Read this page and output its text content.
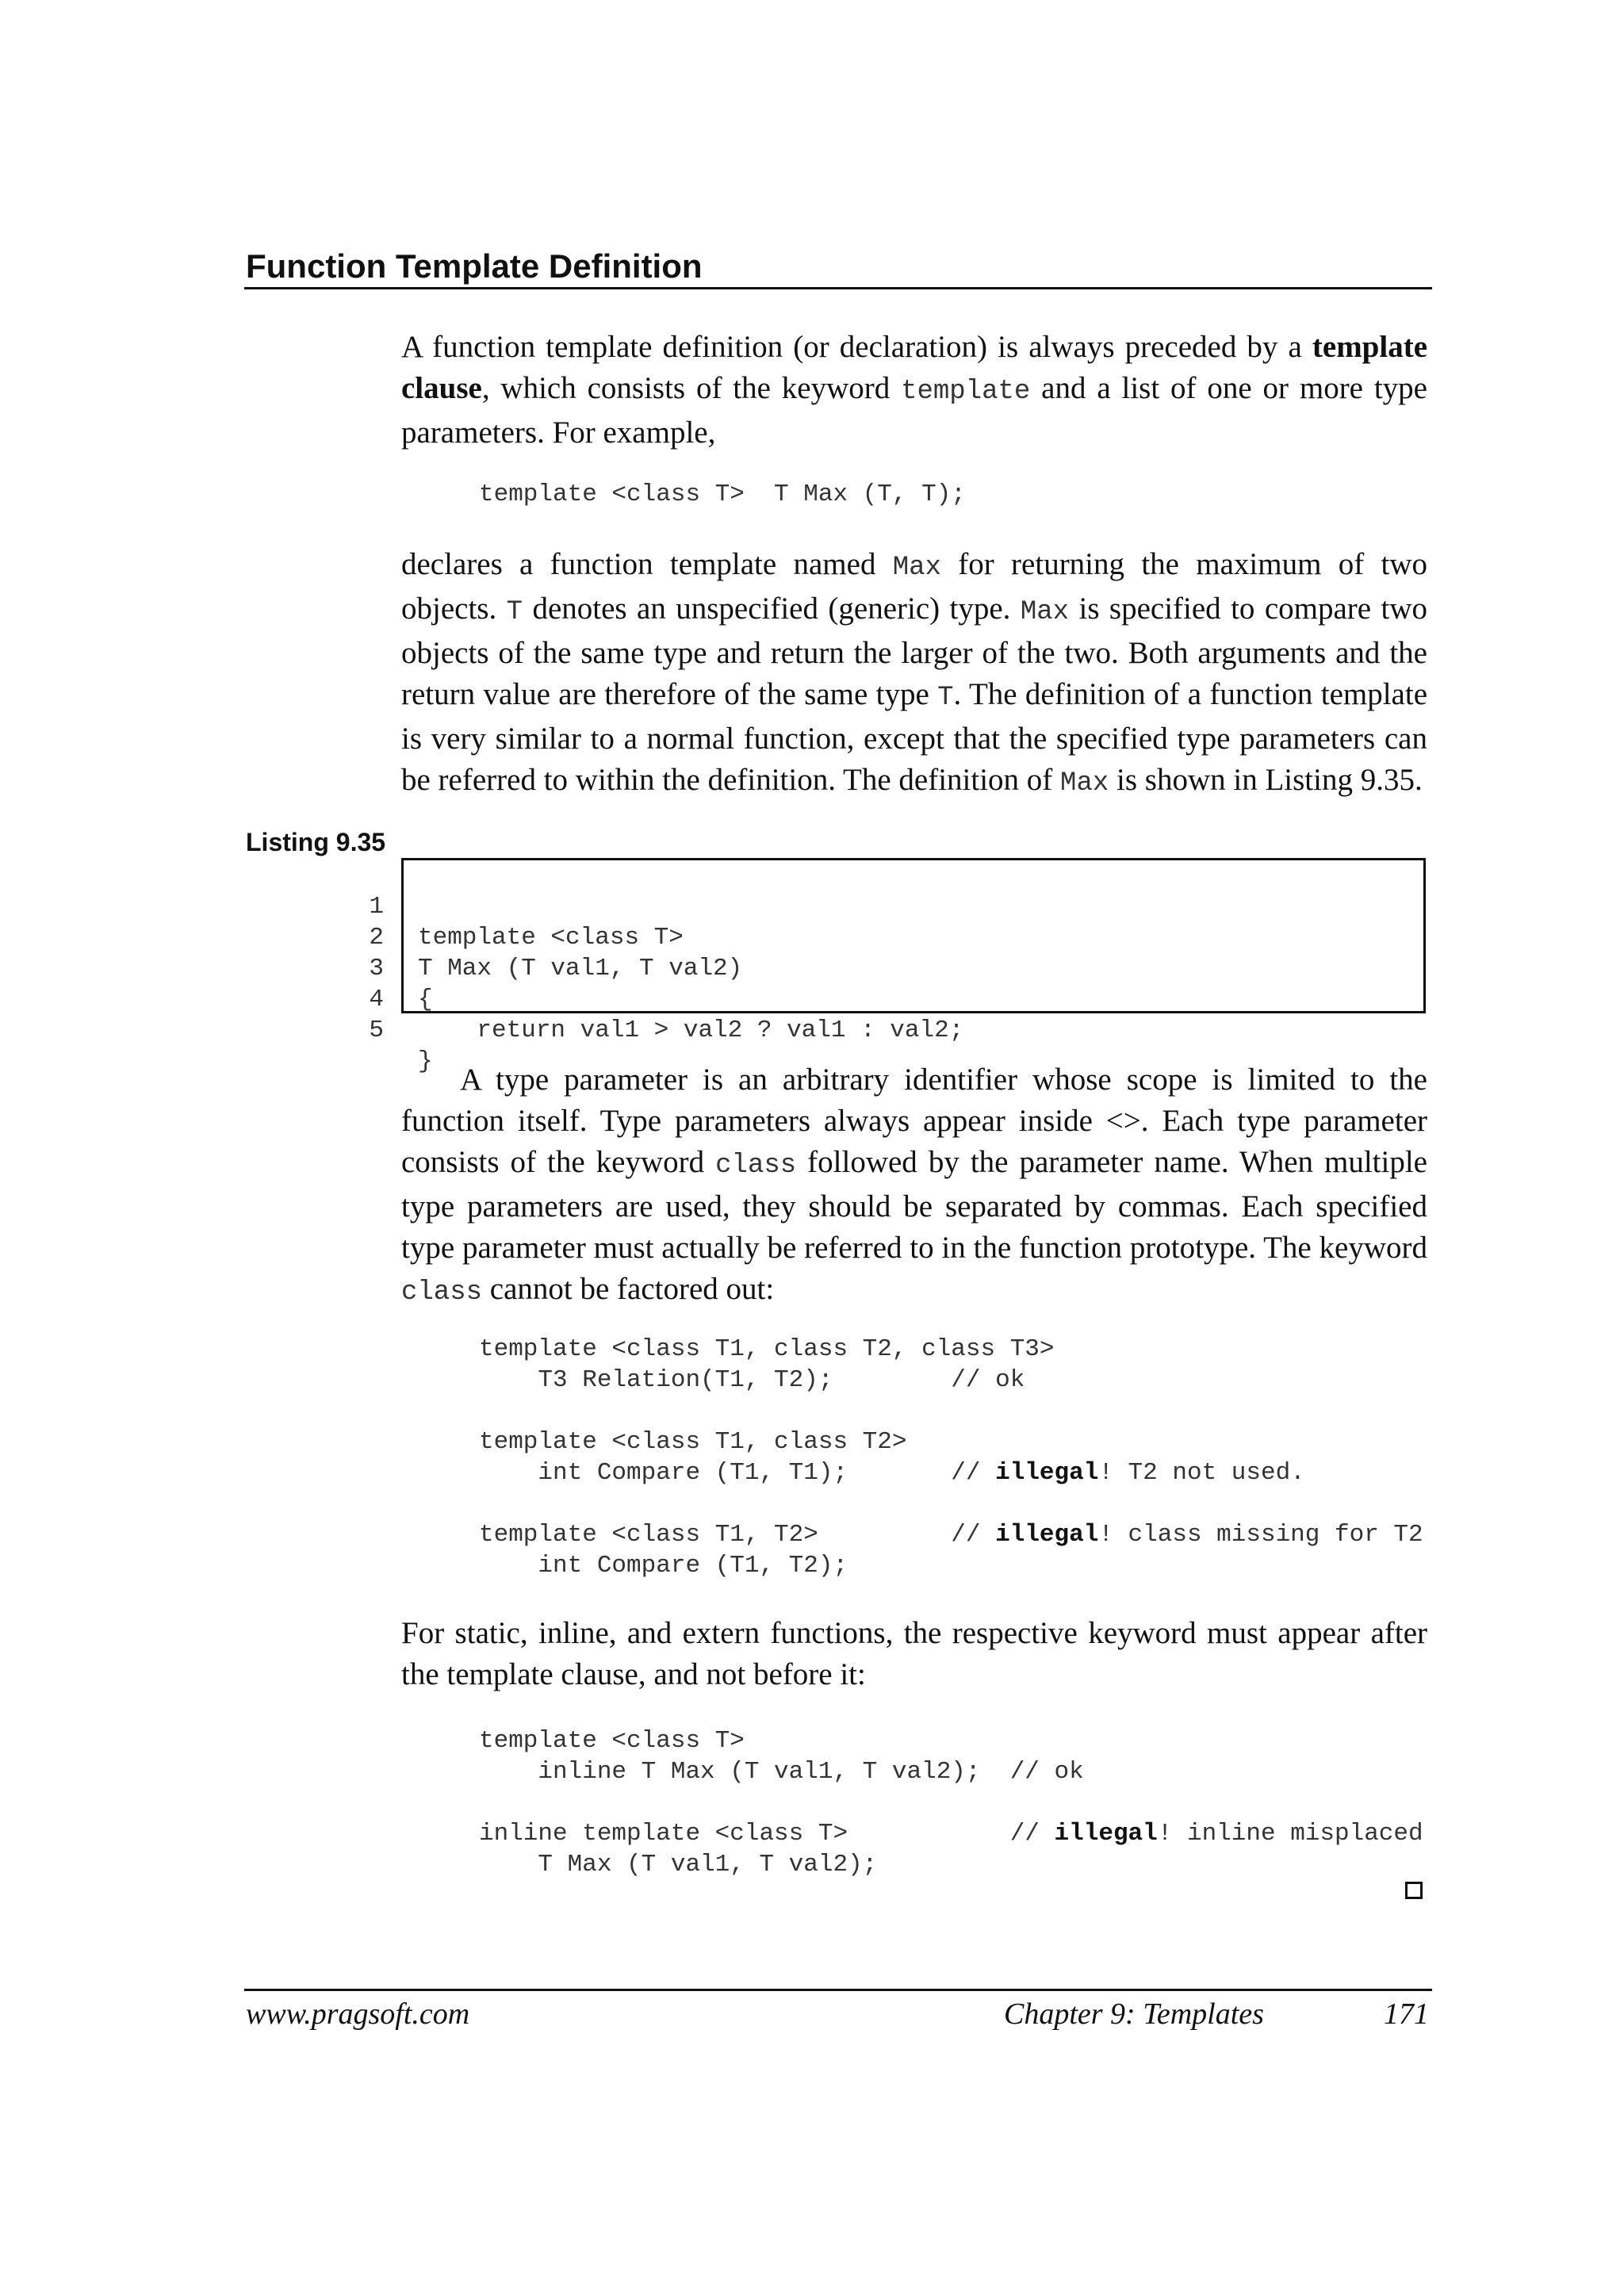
Function Template Definition

A function template definition (or declaration) is always preceded by a template clause, which consists of the keyword template and a list of one or more type parameters. For example,

template <class T>  T Max (T, T);

declares a function template named Max for returning the maximum of two objects. T denotes an unspecified (generic) type. Max is specified to compare two objects of the same type and return the larger of the two. Both arguments and the return value are therefore of the same type T. The definition of a function template is very similar to a normal function, except that the specified type parameters can be referred to within the definition. The definition of Max is shown in Listing 9.35.

Listing 9.35

1

template <class T>

2

T Max (T val1, T val2)

3

{

4

return val1 > val2 ? val1 : val2;

5

}

A type parameter is an arbitrary identifier whose scope is limited to the function itself. Type parameters always appear inside <>. Each type parameter consists of the keyword class followed by the parameter name. When multiple type parameters are used, they should be separated by commas. Each specified type parameter must actually be referred to in the function prototype. The keyword class cannot be factored out:

template <class T1, class T2, class T3>
T3 Relation(T1, T2);        // ok

template <class T1, class T2>
int Compare (T1, T1);       // illegal! T2 not used.

template <class T1, T2>         // illegal! class missing for T2
int Compare (T1, T2);

For static, inline, and extern functions, the respective keyword must appear after the template clause, and not before it:

template <class T>
inline T Max (T val1, T val2);  // ok

inline template <class T>           // illegal! inline misplaced
T Max (T val1, T val2);
www.pragsoft.com	Chapter 9: Templates	171
